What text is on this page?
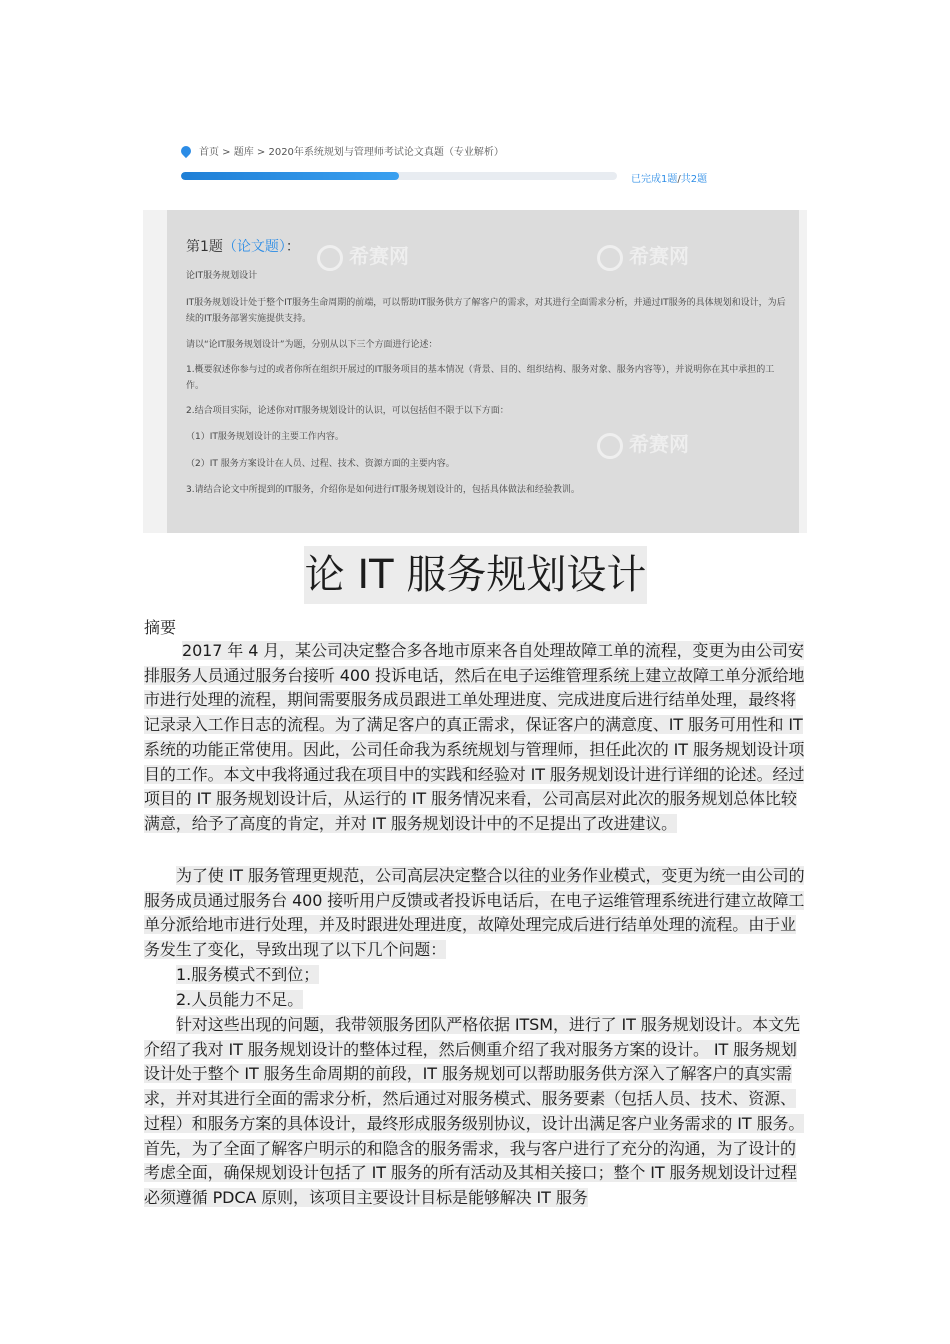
首页 > 题库 > 2020年系统规划与管理师考试论文真题（专业解析）
已完成1题/共2题
希赛网	希赛网
希赛网
第1题（论文题）：
论IT服务规划设计
IT服务规划设计处于整个IT服务生命周期的前端，可以帮助IT服务供方了解客户的需求，对其进行全面需求分析，并通过IT服务的具体规划和设计，为后续的IT服务部署实施提供支持。
请以“论IT服务规划设计”为题，分别从以下三个方面进行论述：
1.概要叙述你参与过的或者你所在组织开展过的IT服务项目的基本情况（背景、目的、组织结构、服务对象、服务内容等），并说明你在其中承担的工作。
2.结合项目实际，论述你对IT服务规划设计的认识，可以包括但不限于以下方面：
（1）IT服务规划设计的主要工作内容。
（2）IT 服务方案设计在人员、过程、技术、资源方面的主要内容。
3.请结合论文中所提到的IT服务，介绍你是如何进行IT服务规划设计的，包括具体做法和经验教训。
论 IT 服务规划设计
摘要
2017 年 4 月，某公司决定整合多各地市原来各自处理故障工单的流程，变更为由公司安排服务人员通过服务台接听 400 投诉电话，然后在电子运维管理系统上建立故障工单分派给地市进行处理的流程，期间需要服务成员跟进工单处理进度、完成进度后进行结单处理，最终将记录录入工作日志的流程。为了满足客户的真正需求，保证客户的满意度、IT 服务可用性和 IT 系统的功能正常使用。因此，公司任命我为系统规划与管理师，担任此次的 IT 服务规划设计项目的工作。本文中我将通过我在项目中的实践和经验对 IT 服务规划设计进行详细的论述。经过项目的 IT 服务规划设计后，从运行的 IT 服务情况来看，公司高层对此次的服务规划总体比较满意，给予了高度的肯定，并对 IT 服务规划设计中的不足提出了改进建议。
为了使 IT 服务管理更规范，公司高层决定整合以往的业务作业模式，变更为统一由公司的服务成员通过服务台 400 接听用户反馈或者投诉电话后，在电子运维管理系统进行建立故障工单分派给地市进行处理，并及时跟进处理进度，故障处理完成后进行结单处理的流程。由于业务发生了变化，导致出现了以下几个问题：
1.服务模式不到位；
2.人员能力不足。
针对这些出现的问题，我带领服务团队严格依据 ITSM，进行了 IT 服务规划设计。本文先介绍了我对 IT 服务规划设计的整体过程，然后侧重介绍了我对服务方案的设计。 IT 服务规划设计处于整个 IT 服务生命周期的前段，IT 服务规划可以帮助服务供方深入了解客户的真实需求，并对其进行全面的需求分析，然后通过对服务模式、服务要素（包括人员、技术、资源、过程）和服务方案的具体设计，最终形成服务级别协议，设计出满足客户业务需求的 IT 服务。首先，为了全面了解客户明示的和隐含的服务需求，我与客户进行了充分的沟通，为了设计的考虑全面，确保规划设计包括了 IT 服务的所有活动及其相关接口；整个 IT 服务规划设计过程必须遵循 PDCA 原则，该项目主要设计目标是能够解决 IT 服务
